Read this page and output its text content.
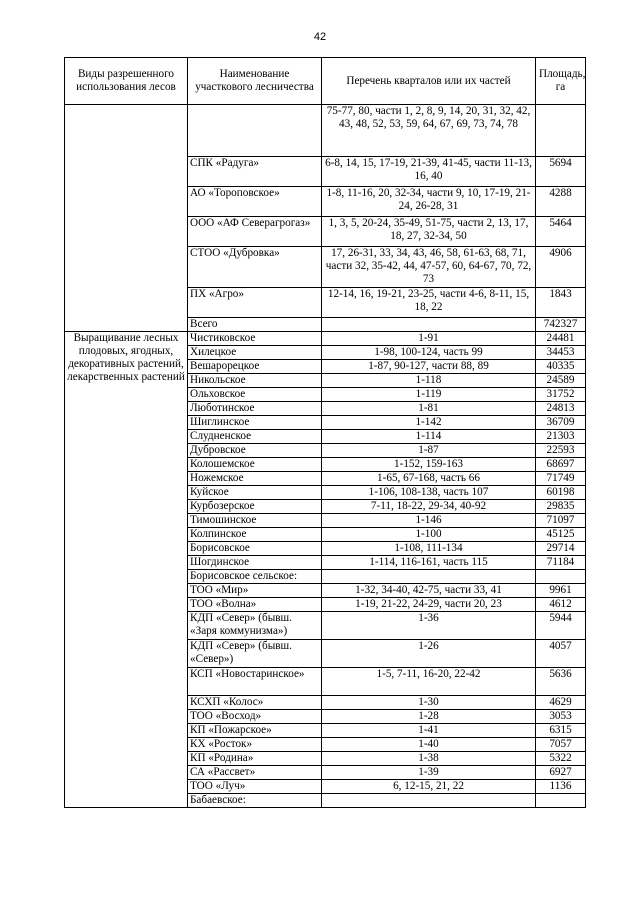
42
Виды разрешенного использования лесов	Наименование участкового лесничества	Перечень кварталов или их частей	Площадь, га
		75-77, 80, части 1, 2, 8, 9, 14, 20, 31, 32, 42, 43, 48, 52, 53, 59, 64, 67, 69, 73, 74, 78	
	СПК «Радуга»	6-8, 14, 15, 17-19, 21-39, 41-45, части 11-13, 16, 40	5694
	АО «Тороповское»	1-8, 11-16, 20, 32-34, части 9, 10, 17-19, 21-24, 26-28, 31	4288
	ООО «АФ Северагрогаз»	1, 3, 5, 20-24, 35-49, 51-75, части 2, 13, 17, 18, 27, 32-34, 50	5464
	СТОО «Дубровка»	17, 26-31, 33, 34, 43, 46, 58, 61-63, 68, 71, части 32, 35-42, 44, 47-57, 60, 64-67, 70, 72, 73	4906
	ПХ «Агро»	12-14, 16, 19-21, 23-25, части 4-6, 8-11, 15, 18, 22	1843
	Всего		742327
Выращивание лесных плодовых, ягодных, декоративных растений, лекарственных растений	Чистиковское	1-91	24481
	Хилецкое	1-98, 100-124, часть 99	34453
	Вешарорецкое	1-87, 90-127, части 88, 89	40335
	Никольское	1-118	24589
	Ольховское	1-119	31752
	Люботинское	1-81	24813
	Шиглинское	1-142	36709
	Слудненское	1-114	21303
	Дубровское	1-87	22593
	Колошемское	1-152, 159-163	68697
	Ножемское	1-65, 67-168, часть 66	71749
	Куйское	1-106, 108-138, часть 107	60198
	Курбозерское	7-11, 18-22, 29-34, 40-92	29835
	Тимошинское	1-146	71097
	Колпинское	1-100	45125
	Борисовское	1-108, 111-134	29714
	Шогдинское	1-114, 116-161, часть 115	71184
	Борисовское сельское:		
	ТОО «Мир»	1-32, 34-40, 42-75, части 33, 41	9961
	ТОО «Волна»	1-19, 21-22, 24-29, части 20, 23	4612
	КДП «Север» (бывш. «Заря коммунизма»)	1-36	5944
	КДП «Север» (бывш. «Север»)	1-26	4057
	КСП «Новостаринское»	1-5, 7-11, 16-20, 22-42	5636
	КСХП «Колос»	1-30	4629
	ТОО «Восход»	1-28	3053
	КП «Пожарское»	1-41	6315
	КХ «Росток»	1-40	7057
	КП «Родина»	1-38	5322
	СА «Рассвет»	1-39	6927
	ТОО «Луч»	6, 12-15, 21, 22	1136
	Бабаевское:		
